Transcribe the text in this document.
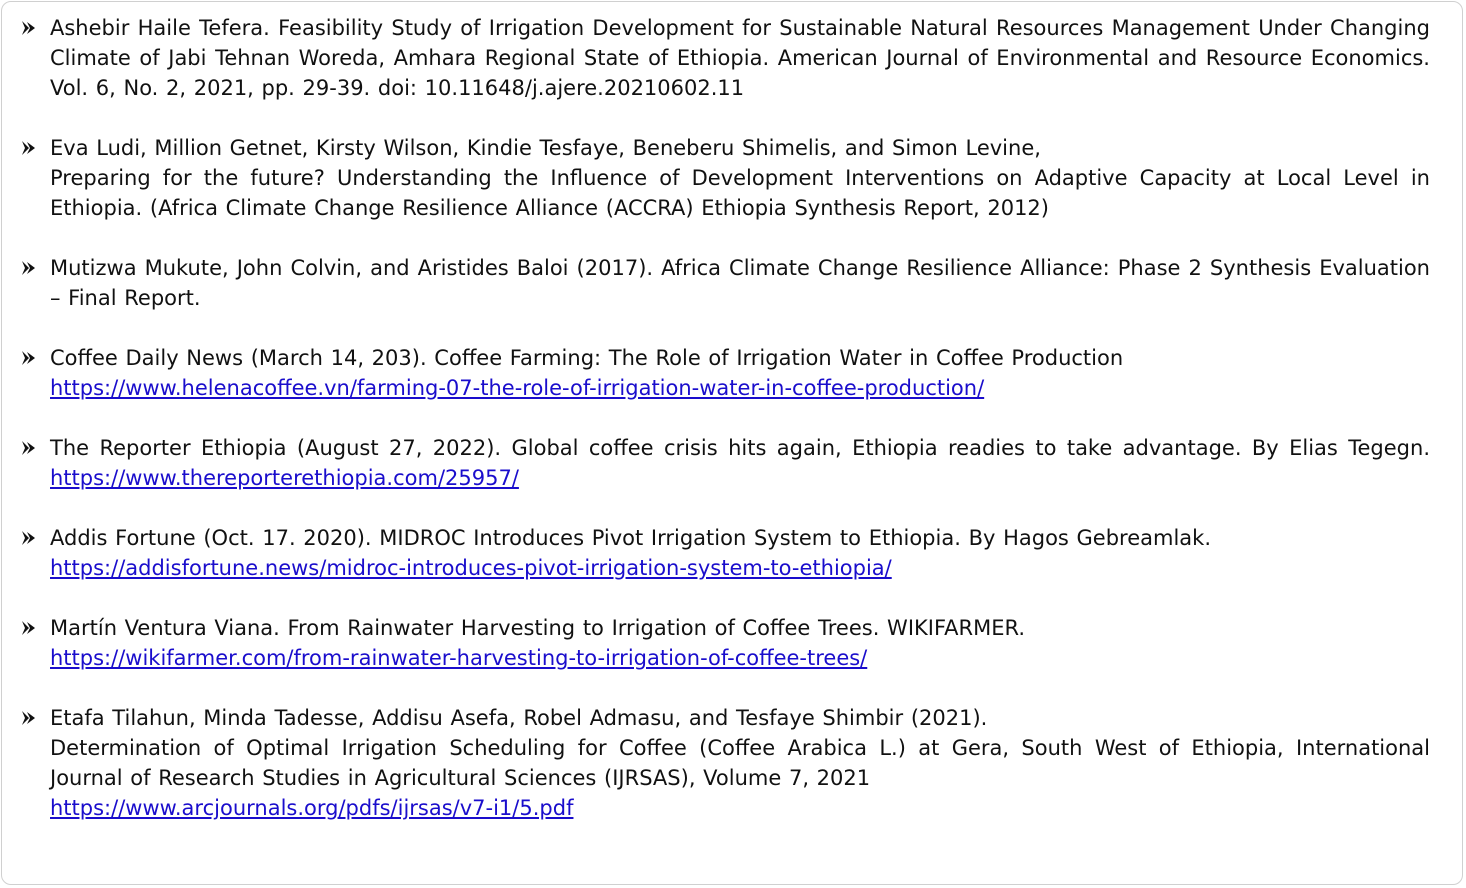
Ashebir Haile Tefera. Feasibility Study of Irrigation Development for Sustainable Natural Resources Management Under Changing Climate of Jabi Tehnan Woreda, Amhara Regional State of Ethiopia. American Journal of Environmental and Resource Economics. Vol. 6, No. 2, 2021, pp. 29-39. doi: 10.11648/j.ajere.20210602.11
Eva Ludi, Million Getnet, Kirsty Wilson, Kindie Tesfaye, Beneberu Shimelis, and Simon Levine,
Preparing for the future? Understanding the Influence of Development Interventions on Adaptive Capacity at Local Level in Ethiopia. (Africa Climate Change Resilience Alliance (ACCRA) Ethiopia Synthesis Report, 2012)
Mutizwa Mukute, John Colvin, and Aristides Baloi (2017). Africa Climate Change Resilience Alliance: Phase 2 Synthesis Evaluation – Final Report.
Coffee Daily News (March 14, 203). Coffee Farming: The Role of Irrigation Water in Coffee Production
https://www.helenacoffee.vn/farming-07-the-role-of-irrigation-water-in-coffee-production/
The Reporter Ethiopia (August 27, 2022). Global coffee crisis hits again, Ethiopia readies to take advantage. By Elias Tegegn. https://www.thereporterethiopia.com/25957/
Addis Fortune (Oct. 17. 2020). MIDROC Introduces Pivot Irrigation System to Ethiopia. By Hagos Gebreamlak.
https://addisfortune.news/midroc-introduces-pivot-irrigation-system-to-ethiopia/
Martín Ventura Viana. From Rainwater Harvesting to Irrigation of Coffee Trees. WIKIFARMER.
https://wikifarmer.com/from-rainwater-harvesting-to-irrigation-of-coffee-trees/
Etafa Tilahun, Minda Tadesse, Addisu Asefa, Robel Admasu, and Tesfaye Shimbir (2021).
Determination of Optimal Irrigation Scheduling for Coffee (Coffee Arabica L.) at Gera, South West of Ethiopia, International Journal of Research Studies in Agricultural Sciences (IJRSAS), Volume 7, 2021
https://www.arcjournals.org/pdfs/ijrsas/v7-i1/5.pdf
